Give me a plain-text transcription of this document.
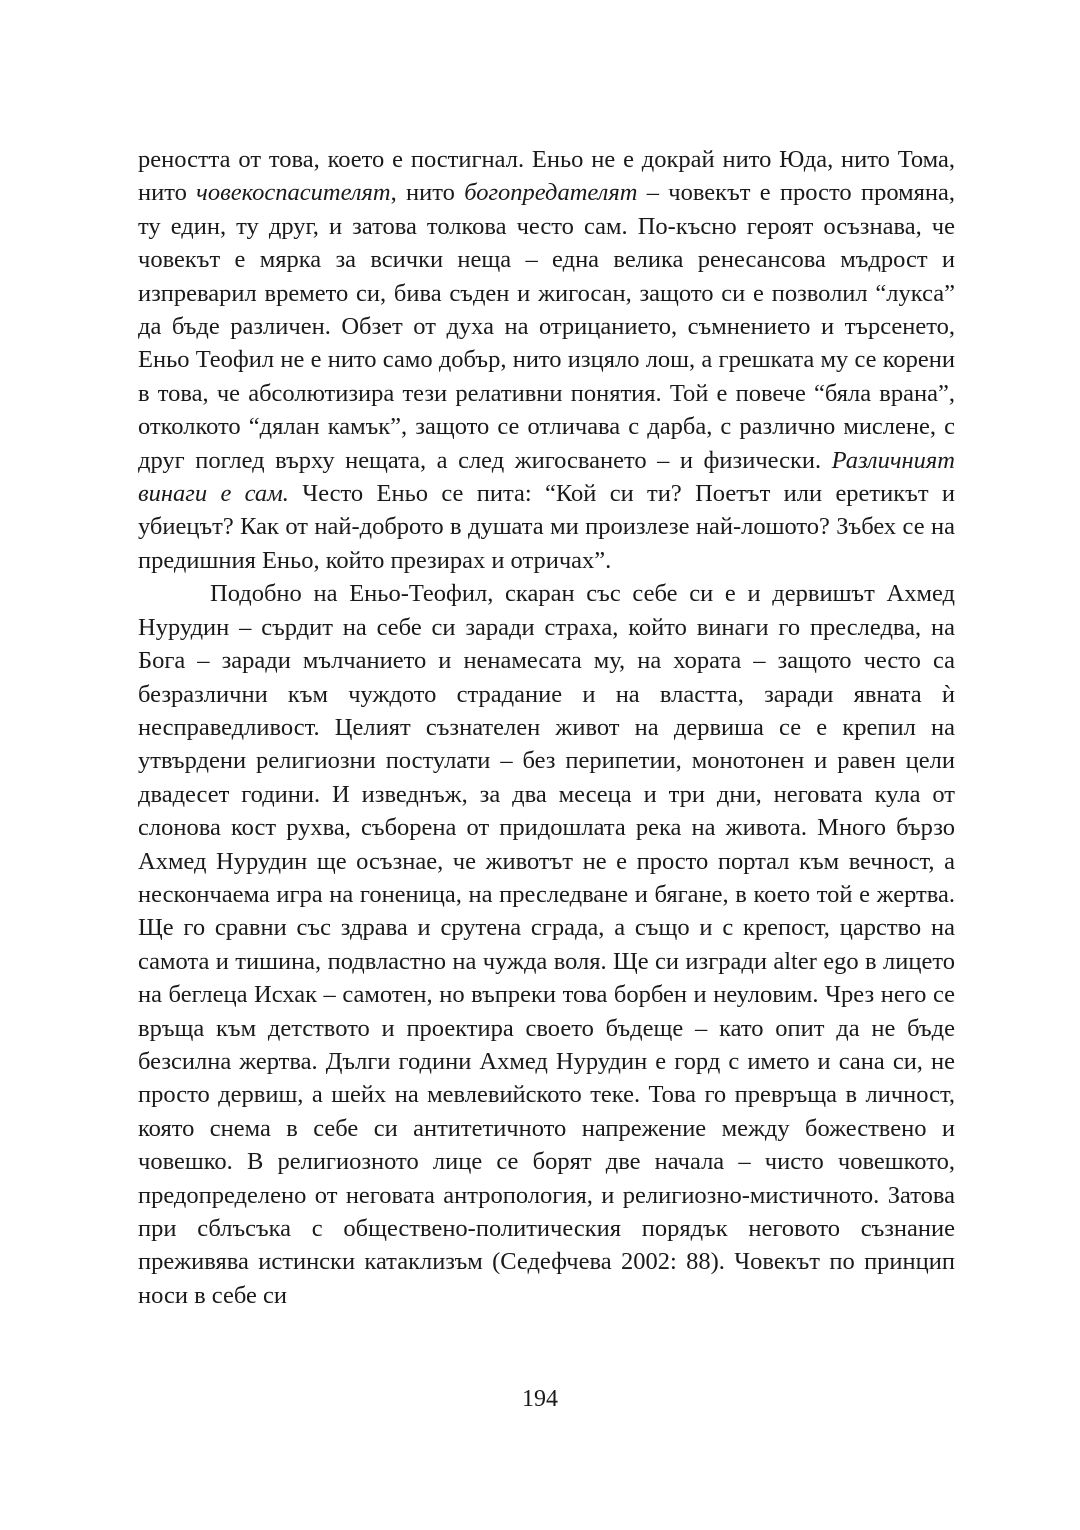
реността от това, което е постигнал. Еньо не е докрай нито Юда, нито Тома, нито човекоспасителят, нито богопредателят – човекът е просто промяна, ту един, ту друг, и затова толкова често сам. По-късно героят осъзнава, че човекът е мярка за всички неща – една велика ренесансова мъдрост и изпреварил времето си, бива съден и жигосан, защото си е позволил “лукса” да бъде различен. Обзет от духа на отрицанието, съмнението и търсенето, Еньо Теофил не е нито само добър, нито изцяло лош, а грешката му се корени в това, че абсолютизира тези релативни понятия. Той е повече “бяла врана”, отколкото “дялан камък”, защото се отличава с дарба, с различно мислене, с друг поглед върху нещата, а след жигосването – и физически. Различният винаги е сам. Често Еньо се пита: “Кой си ти? Поетът или еретикът и убиецът? Как от най-доброто в душата ми произлезе най-лошото? Зъбех се на предишния Еньо, който презирах и отричах”.

Подобно на Еньо-Теофил, скаран със себе си е и дервишът Ахмед Нурудин – сърдит на себе си заради страха, който винаги го преследва, на Бога – заради мълчанието и ненамесата му, на хората – защото често са безразлични към чуждото страдание и на властта, заради явната ѝ несправедливост. Целият съзнателен живот на дервиша се е крепил на утвърдени религиозни постулати – без перипетии, монотонен и равен цели двадесет години. И изведнъж, за два месеца и три дни, неговата кула от слонова кост рухва, съборена от придошлата река на живота. Много бързо Ахмед Нурудин ще осъзнае, че животът не е просто портал към вечност, а нескончаема игра на гоненица, на преследване и бягане, в което той е жертва. Ще го сравни със здрава и срутена сграда, а също и с крепост, царство на самота и тишина, подвластно на чужда воля. Ще си изгради alter ego в лицето на беглеца Исхак – самотен, но въпреки това борбен и неуловим. Чрез него се връща към детството и проектира своето бъдеще – като опит да не бъде безсилна жертва. Дълги години Ахмед Нурудин е горд с името и сана си, не просто дервиш, а шейх на мевлевийското теке. Това го превръща в личност, която снема в себе си антитетичното напрежение между божествено и човешко. В религиозното лице се борят две начала – чисто човешкото, предопределено от неговата антропология, и религиозно-мистичното. Затова при сблъсъка с обществено-политическия порядък неговото съзнание преживява истински катаклизъм (Седефчева 2002: 88). Човекът по принцип носи в себе си

194
